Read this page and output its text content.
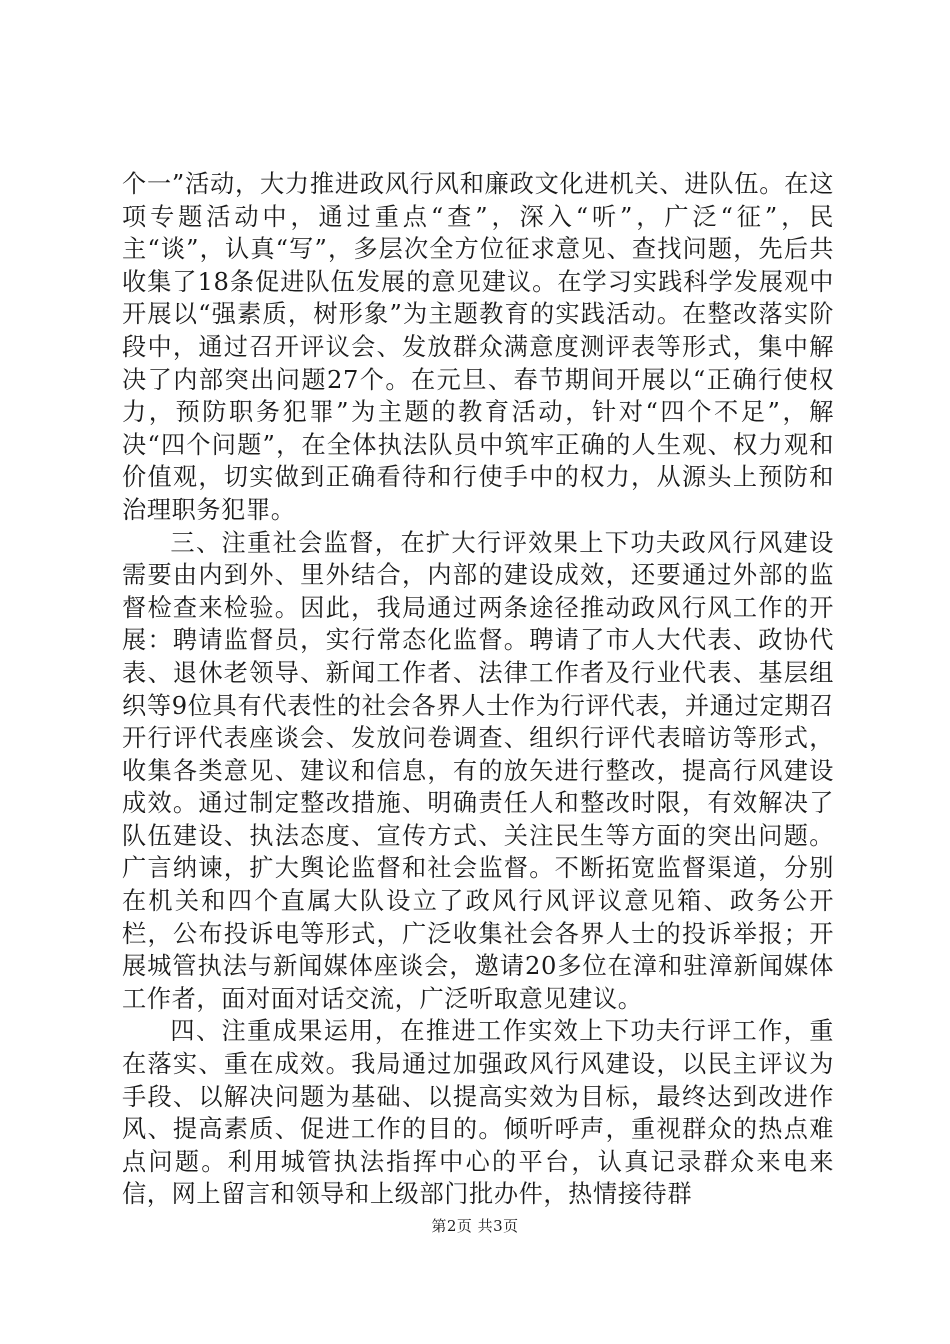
个一”活动，大力推进政风行风和廉政文化进机关、进队伍。在这项专题活动中，通过重点“查”，深入“听”，广泛“征”，民主“谈”，认真“写”，多层次全方位征求意见、查找问题，先后共收集了18条促进队伍发展的意见建议。在学习实践科学发展观中开展以“强素质，树形象”为主题教育的实践活动。在整改落实阶段中，通过召开评议会、发放群众满意度测评表等形式，集中解决了内部突出问题27个。在元旦、春节期间开展以“正确行使权力，预防职务犯罪”为主题的教育活动，针对“四个不足”，解决“四个问题”，在全体执法队员中筑牢正确的人生观、权力观和价值观，切实做到正确看待和行使手中的权力，从源头上预防和治理职务犯罪。

三、注重社会监督，在扩大行评效果上下功夫政风行风建设需要由内到外、里外结合，内部的建设成效，还要通过外部的监督检查来检验。因此，我局通过两条途径推动政风行风工作的开展：聘请监督员，实行常态化监督。聘请了市人大代表、政协代表、退休老领导、新闻工作者、法律工作者及行业代表、基层组织等9位具有代表性的社会各界人士作为行评代表，并通过定期召开行评代表座谈会、发放问卷调查、组织行评代表暗访等形式，收集各类意见、建议和信息，有的放矢进行整改，提高行风建设成效。通过制定整改措施、明确责任人和整改时限，有效解决了队伍建设、执法态度、宣传方式、关注民生等方面的突出问题。广言纳谏，扩大舆论监督和社会监督。不断拓宽监督渠道，分别在机关和四个直属大队设立了政风行风评议意见箱、政务公开栏，公布投诉电等形式，广泛收集社会各界人士的投诉举报；开展城管执法与新闻媒体座谈会，邀请20多位在漳和驻漳新闻媒体工作者，面对面对话交流，广泛听取意见建议。

四、注重成果运用，在推进工作实效上下功夫行评工作，重在落实、重在成效。我局通过加强政风行风建设，以民主评议为手段、以解决问题为基础、以提高实效为目标，最终达到改进作风、提高素质、促进工作的目的。倾听呼声，重视群众的热点难点问题。利用城管执法指挥中心的平台，认真记录群众来电来信，网上留言和领导和上级部门批办件，热情接待群

第2页 共3页
